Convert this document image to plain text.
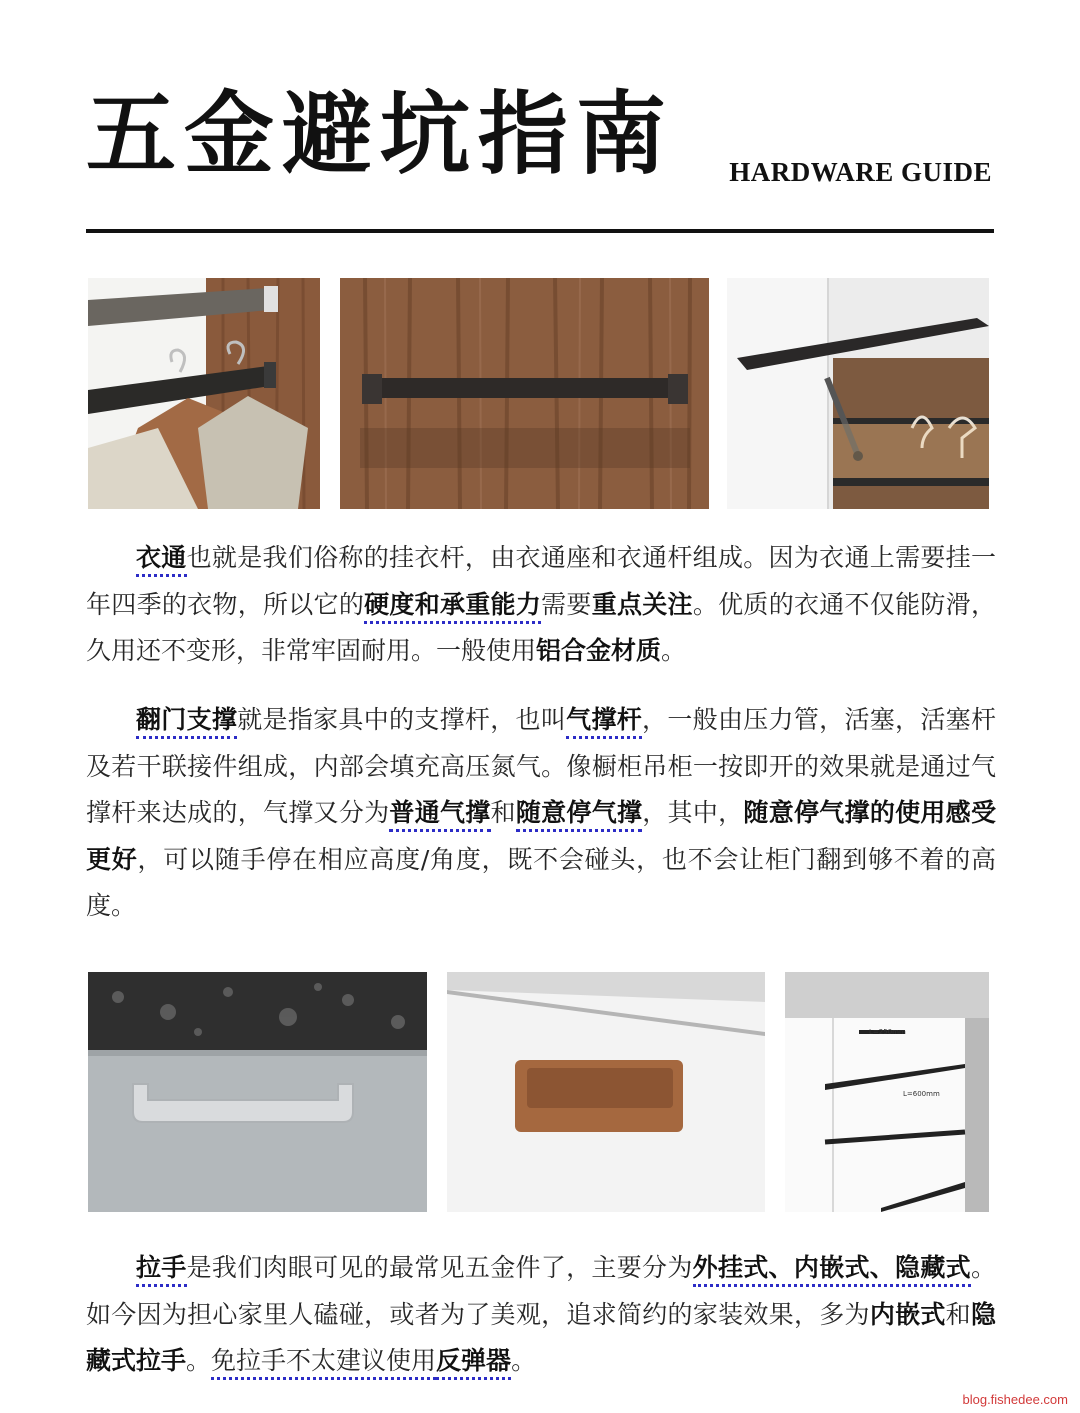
五金避坑指南 HARDWARE GUIDE

衣通也就是我们俗称的挂衣杆，由衣通座和衣通杆组成。因为衣通上需要挂一年四季的衣物，所以它的硬度和承重能力需要重点关注。优质的衣通不仅能防滑，久用还不变形，非常牢固耐用。一般使用铝合金材质。

翻门支撑就是指家具中的支撑杆，也叫气撑杆，一般由压力管，活塞，活塞杆及若干联接件组成，内部会填充高压氮气。像橱柜吊柜一按即开的效果就是通过气撑杆来达成的，气撑又分为普通气撑和随意停气撑，其中，随意停气撑的使用感受更好，可以随手停在相应高度/角度，既不会碰头，也不会让柜门翻到够不着的高度。

L=250mm
L=600mm

拉手是我们肉眼可见的最常见五金件了，主要分为外挂式、内嵌式、隐藏式。如今因为担心家里人磕碰，或者为了美观，追求简约的家装效果，多为内嵌式和隐藏式拉手。免拉手不太建议使用反弹器。

blog.fishedee.com
